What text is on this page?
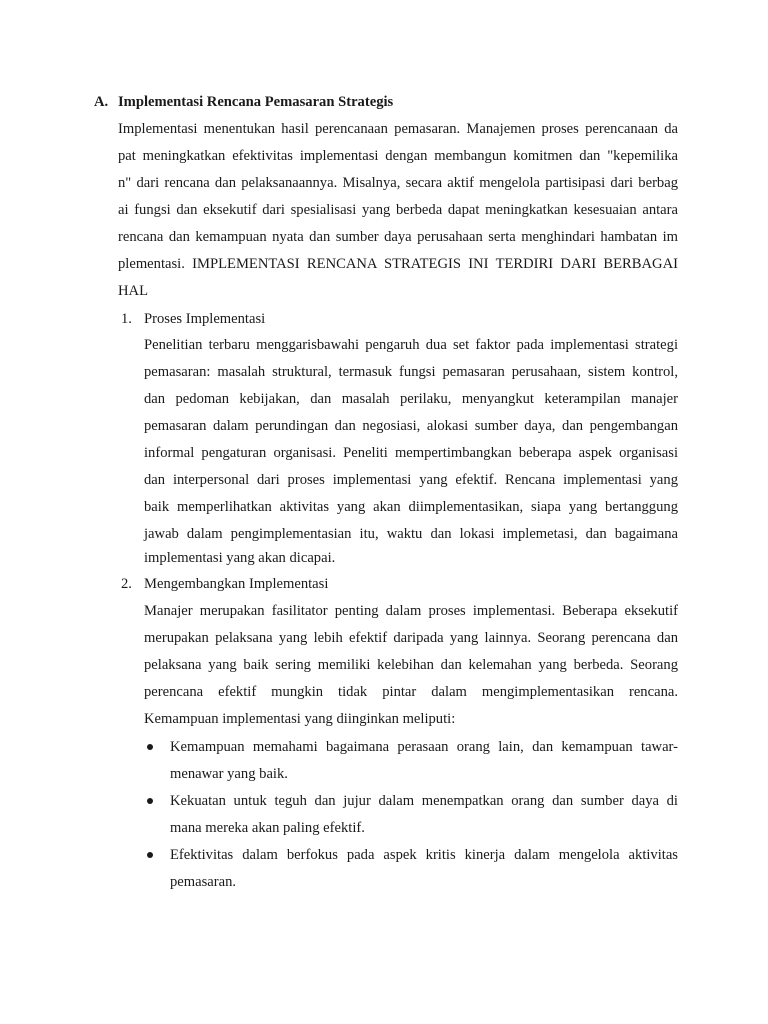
A. Implementasi Rencana Pemasaran Strategis
Implementasi menentukan hasil perencanaan pemasaran. Manajemen proses perencanaan da
pat meningkatkan efektivitas implementasi dengan membangun komitmen dan "kepemilika
n" dari rencana dan pelaksanaannya. Misalnya, secara aktif mengelola partisipasi dari berbag
ai fungsi dan eksekutif dari spesialisasi yang berbeda dapat meningkatkan kesesuaian antara
rencana dan kemampuan nyata dan sumber daya perusahaan serta menghindari hambatan im
plementasi. IMPLEMENTASI RENCANA STRATEGIS INI TERDIRI DARI BERBAGAI
HAL
1. Proses Implementasi
Penelitian terbaru menggarisbawahi pengaruh dua set faktor pada implementasi strategi
pemasaran: masalah struktural, termasuk fungsi pemasaran perusahaan, sistem kontrol,
dan pedoman kebijakan, dan masalah perilaku, menyangkut keterampilan manajer
pemasaran dalam perundingan dan negosiasi, alokasi sumber daya, dan pengembangan
informal pengaturan organisasi. Peneliti mempertimbangkan beberapa aspek organisasi
dan interpersonal dari proses implementasi yang efektif. Rencana implementasi yang
baik memperlihatkan aktivitas yang akan diimplementasikan, siapa yang bertanggung
jawab dalam pengimplementasian itu, waktu dan lokasi implemetasi, dan bagaimana
implementasi yang akan dicapai.
2. Mengembangkan Implementasi
Manajer merupakan fasilitator penting dalam proses implementasi. Beberapa eksekutif
merupakan pelaksana yang lebih efektif daripada yang lainnya. Seorang perencana dan
pelaksana yang baik sering memiliki kelebihan dan kelemahan yang berbeda. Seorang
perencana efektif mungkin tidak pintar dalam mengimplementasikan rencana.
Kemampuan implementasi yang diinginkan meliputi:
Kemampuan memahami bagaimana perasaan orang lain, dan kemampuan tawar-
menawar yang baik.
Kekuatan untuk teguh dan jujur dalam menempatkan orang dan sumber daya di
mana mereka akan paling efektif.
Efektivitas dalam berfokus pada aspek kritis kinerja dalam mengelola aktivitas
pemasaran.
